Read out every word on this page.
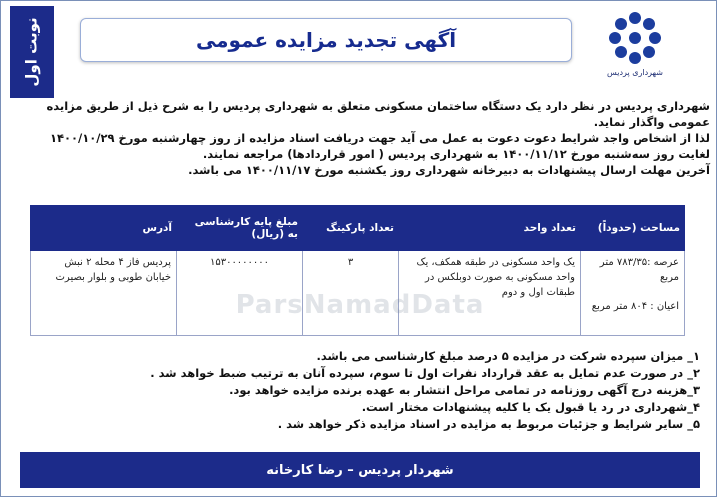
نوبت اول	آگهی تجدید مزایده عمومی
شهرداری پردیس

شهرداری پردیس در نظر دارد یک دستگاه ساختمان مسکونی متعلق به شهرداری پردیس را به شرح ذیل از طریق مزایده عمومی واگذار نماید.

لذا از اشخاص واجد شرایط دعوت دعوت به عمل می آید جهت دریافت اسناد مزایده از روز چهارشنبه مورخ ۱۴۰۰/۱۰/۲۹ لغایت روز سه‌شنبه مورخ ۱۴۰۰/۱۱/۱۲ به شهرداری پردیس ( امور قراردادها) مراجعه نمایند.

آخرین مهلت ارسال پیشنهادات به دبیرخانه شهرداری روز یکشنبه مورخ ۱۴۰۰/۱۱/۱۷ می باشد.

مساحت (حدوداً)	تعداد واحد	تعداد پارکینگ	مبلغ پایه کارشناسی به (ریال)	آدرس

عرصه :۷۸۳/۳۵ متر مربع
اعیان : ۸۰۴ متر مربع	یک واحد مسکونی در طبقه همکف، یک واحد مسکونی به صورت دوبلکس در طبقات اول و دوم	۳	۱۵۳۰۰۰۰۰۰۰۰	پردیس فاز ۴ محله ۲ نبش خیابان طوبی و بلوار بصیرت
ParsNamadData

۱_ میزان سپرده شرکت در مزایده ۵ درصد مبلغ کارشناسی می باشد.

۲_ در صورت عدم تمایل به عقد قرارداد نفرات اول تا سوم، سپرده آنان به ترتیب ضبط خواهد شد .

۳_هزینه درج آگهی روزنامه در تمامی مراحل انتشار به عهده برنده مزایده خواهد بود.

۴_شهرداری در رد یا قبول یک یا کلیه پیشنهادات مختار است.

۵_ سایر شرایط و جزئیات مربوط به مزایده در اسناد مزایده ذکر خواهد شد .

شهردار پردیس – رضا کارخانه
